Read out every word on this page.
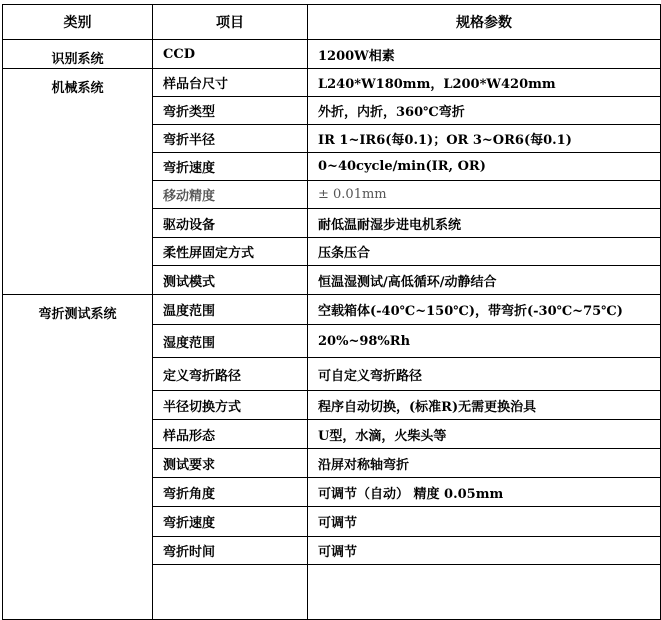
类别	项目	规格参数

识别系统	CCD	1200W相素

机械系统	样品台尺寸	L240*W180mm，L200*W420mm
	弯折类型	外折，内折，360℃弯折
	弯折半径	IR 1~IR6(每0.1)；OR 3~OR6(每0.1)
	弯折速度	0~40cycle/min(IR, OR)
	移动精度	± 0.01mm
	驱动设备	耐低温耐湿步进电机系统
	柔性屏固定方式	压条压合
	测试模式	恒温湿测试/高低循环/动静结合

弯折测试系统	温度范围	空载箱体(-40℃~150℃)，带弯折(-30℃~75℃)
	湿度范围	20%~98%Rh
	定义弯折路径	可自定义弯折路径
	半径切换方式	程序自动切换，(标准R)无需更换治具
	样品形态	U型，水滴，火柴头等
	测试要求	沿屏对称轴弯折
	弯折角度	可调节（自动） 精度 0.05mm
	弯折速度	可调节
	弯折时间	可调节
